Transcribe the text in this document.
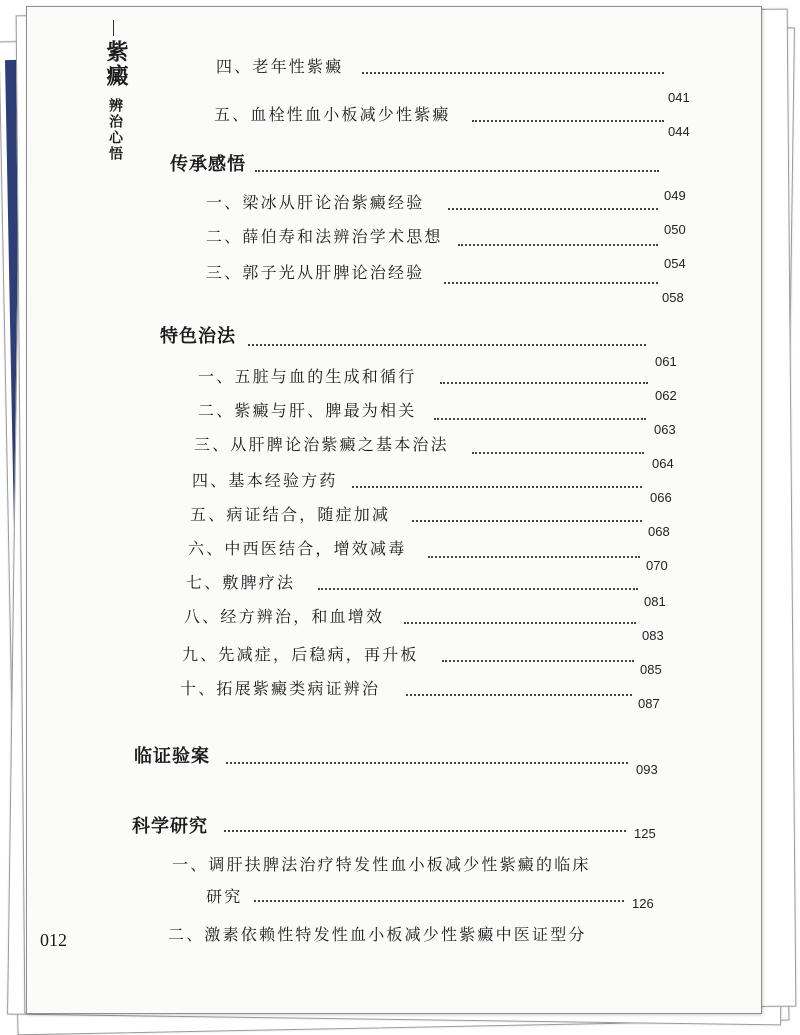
紫癜
辨治心悟
四、老年性紫癜
041
五、血栓性血小板减少性紫癜
044
传承感悟
049
一、梁冰从肝论治紫癜经验
050
二、薛伯寿和法辨治学术思想
054
三、郭子光从肝脾论治经验
058
特色治法
061
一、五脏与血的生成和循行
062
二、紫癜与肝、脾最为相关
063
三、从肝脾论治紫癜之基本治法
064
四、基本经验方药
066
五、病证结合，随症加减
068
六、中西医结合，增效减毒
070
七、敷脾疗法
081
八、经方辨治，和血增效
083
九、先减症，后稳病，再升板
085
十、拓展紫癜类病证辨治
087
临证验案
093
科学研究	125
一、调肝扶脾法治疗特发性血小板减少性紫癜的临床
研究	126
二、激素依赖性特发性血小板减少性紫癜中医证型分
012
